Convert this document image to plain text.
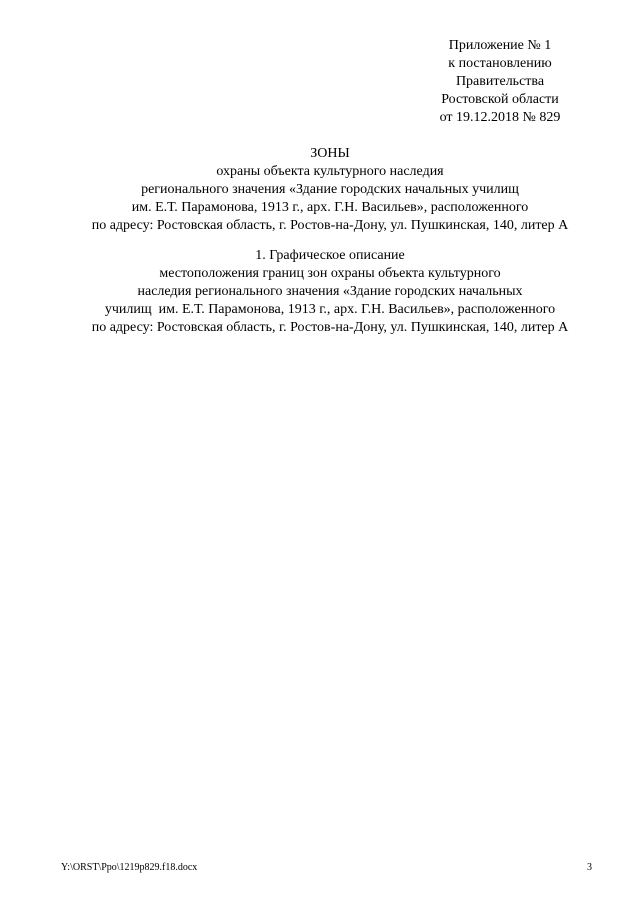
Приложение № 1
к постановлению
Правительства
Ростовской области
от 19.12.2018 № 829
ЗОНЫ
охраны объекта культурного наследия
регионального значения «Здание городских начальных училищ
им. Е.Т. Парамонова, 1913 г., арх. Г.Н. Васильев», расположенного
по адресу: Ростовская область, г. Ростов-на-Дону, ул. Пушкинская, 140, литер А
1. Графическое описание
местоположения границ зон охраны объекта культурного
наследия регионального значения «Здание городских начальных
училищ  им. Е.Т. Парамонова, 1913 г., арх. Г.Н. Васильев», расположенного
по адресу: Ростовская область, г. Ростов-на-Дону, ул. Пушкинская, 140, литер А
Y:\ORST\Ppo\1219p829.f18.docx	3
